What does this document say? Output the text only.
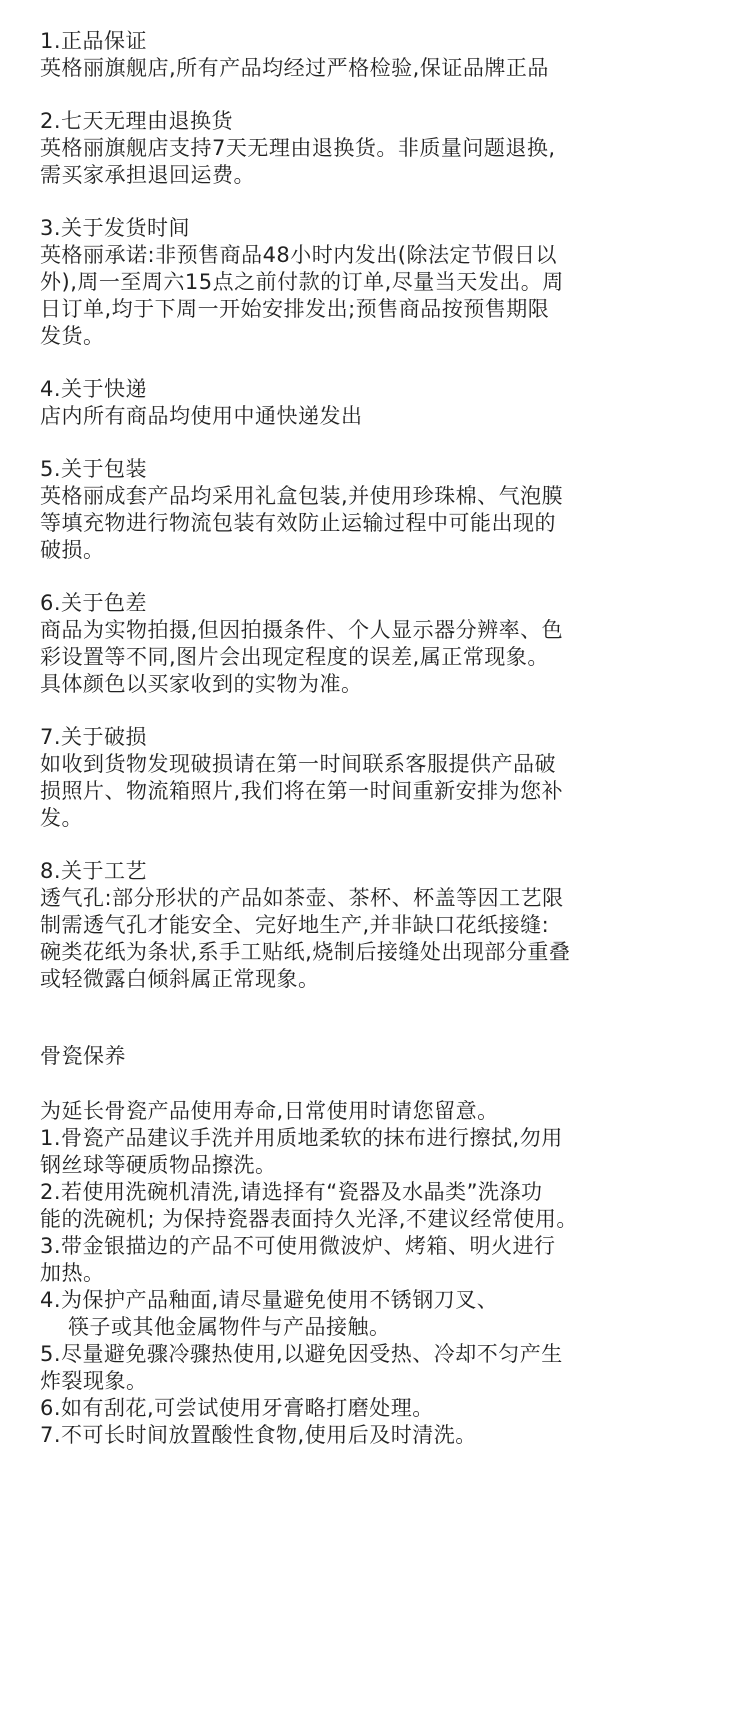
1.正品保证

英格丽旗舰店,所有产品均经过严格检验,保证品牌正品

2.七天无理由退换货

英格丽旗舰店支持7天无理由退换货。非质量问题退换,

需买家承担退回运费。

3.关于发货时间

英格丽承诺:非预售商品48小时内发出(除法定节假日以

外),周一至周六15点之前付款的订单,尽量当天发出。周

日订单,均于下周一开始安排发出;预售商品按预售期限

发货。

4.关于快递

店内所有商品均使用中通快递发出

5.关于包装

英格丽成套产品均采用礼盒包装,并使用珍珠棉、气泡膜

等填充物进行物流包装有效防止运输过程中可能出现的

破损。

6.关于色差

商品为实物拍摄,但因拍摄条件、个人显示器分辨率、色

彩设置等不同,图片会出现定程度的误差,属正常现象。

具体颜色以买家收到的实物为准。

7.关于破损

如收到货物发现破损请在第一时间联系客服提供产品破

损照片、物流箱照片,我们将在第一时间重新安排为您补

发。

8.关于工艺

透气孔:部分形状的产品如茶壶、茶杯、杯盖等因工艺限

制需透气孔才能安全、完好地生产,并非缺口花纸接缝:

碗类花纸为条状,系手工贴纸,烧制后接缝处出现部分重叠

或轻微露白倾斜属正常现象。

骨瓷保养

为延长骨瓷产品使用寿命,日常使用时请您留意。

1.骨瓷产品建议手洗并用质地柔软的抹布进行擦拭,勿用

钢丝球等硬质物品擦洗。

2.若使用洗碗机清洗,请选择有“瓷器及水晶类”洗涤功

能的洗碗机; 为保持瓷器表面持久光泽,不建议经常使用。

3.带金银描边的产品不可使用微波炉、烤箱、明火进行

加热。

4.为保护产品釉面,请尽量避免使用不锈钢刀叉、

筷子或其他金属物件与产品接触。

5.尽量避免骤冷骤热使用,以避免因受热、冷却不匀产生

炸裂现象。

6.如有刮花,可尝试使用牙膏略打磨处理。

7.不可长时间放置酸性食物,使用后及时清洗。
